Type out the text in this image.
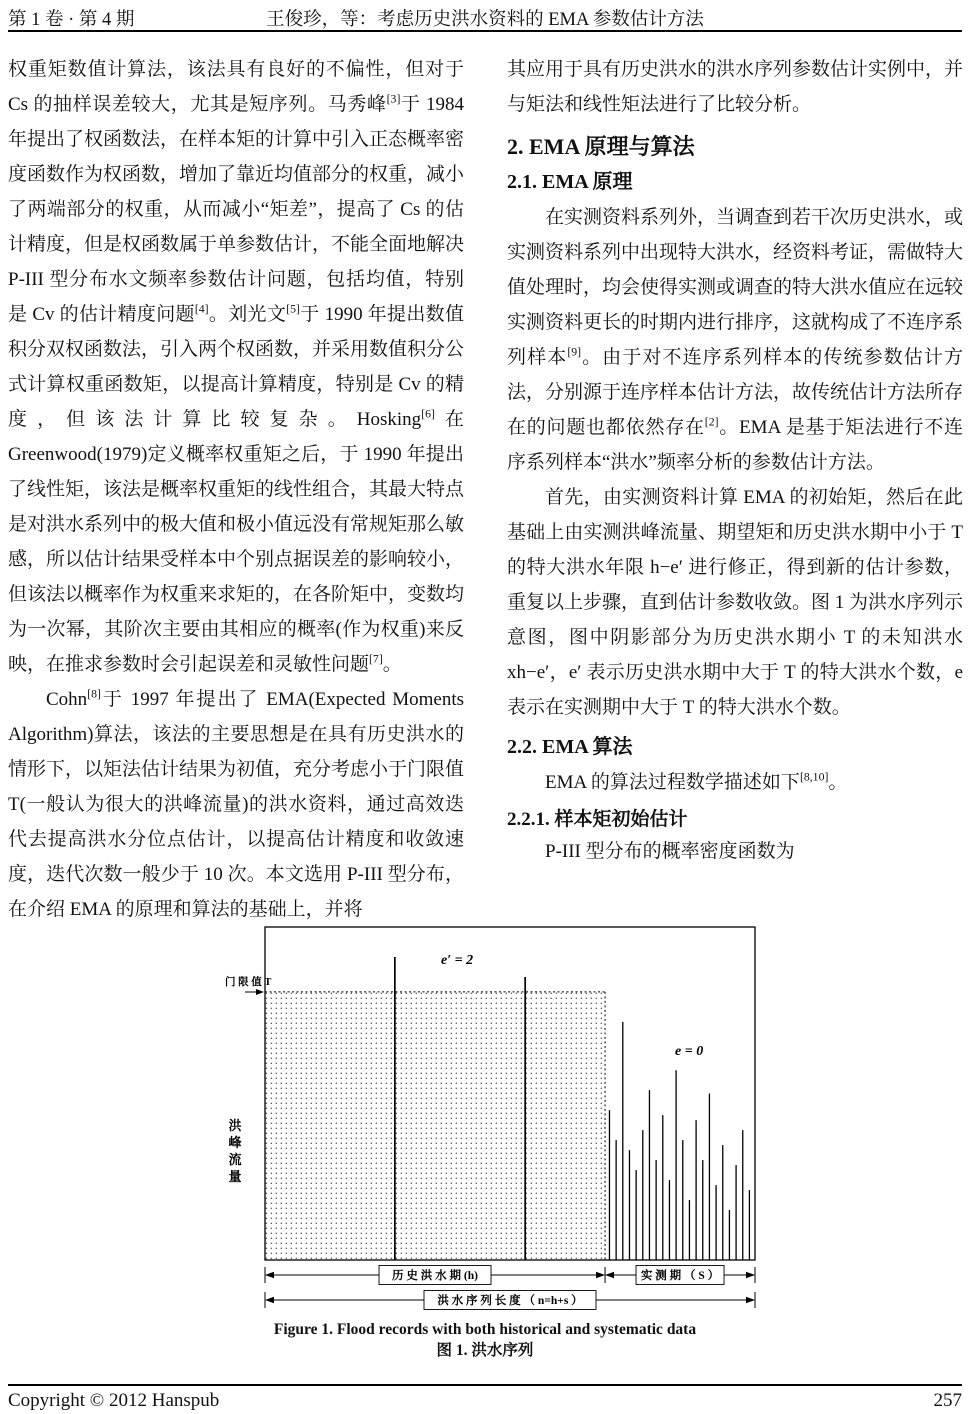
第 1 卷 · 第 4 期	王俊珍，等：考虑历史洪水资料的 EMA 参数估计方法

权重矩数值计算法，该法具有良好的不偏性，但对于 Cs 的抽样误差较大，尤其是短序列。马秀峰[3]于 1984 年提出了权函数法，在样本矩的计算中引入正态概率密度函数作为权函数，增加了靠近均值部分的权重，减小了两端部分的权重，从而减小“矩差”，提高了 Cs 的估计精度，但是权函数属于单参数估计，不能全面地解决 P-III 型分布水文频率参数估计问题，包括均值，特别是 Cv 的估计精度问题[4]。刘光文[5]于 1990 年提出数值积分双权函数法，引入两个权函数，并采用数值积分公式计算权重函数矩，以提高计算精度，特别是 Cv 的精度，但该法计算比较复杂。Hosking[6]在 Greenwood(1979)定义概率权重矩之后，于 1990 年提出了线性矩，该法是概率权重矩的线性组合，其最大特点是对洪水系列中的极大值和极小值远没有常规矩那么敏感，所以估计结果受样本中个别点据误差的影响较小，但该法以概率作为权重来求矩的，在各阶矩中，变数均为一次幂，其阶次主要由其相应的概率(作为权重)来反映，在推求参数时会引起误差和灵敏性问题[7]。

Cohn[8]于 1997 年提出了 EMA(Expected Moments Algorithm)算法，该法的主要思想是在具有历史洪水的情形下，以矩法估计结果为初值，充分考虑小于门限值 T(一般认为很大的洪峰流量)的洪水资料，通过高效迭代去提高洪水分位点估计，以提高估计精度和收敛速度，迭代次数一般少于 10 次。本文选用 P-III 型分布，在介绍 EMA 的原理和算法的基础上，并将

其应用于具有历史洪水的洪水序列参数估计实例中，并与矩法和线性矩法进行了比较分析。

2. EMA 原理与算法
2.1. EMA 原理

在实测资料系列外，当调查到若干次历史洪水，或实测资料系列中出现特大洪水，经资料考证，需做特大值处理时，均会使得实测或调查的特大洪水值应在远较实测资料更长的时期内进行排序，这就构成了不连序系列样本[9]。由于对不连序系列样本的传统参数估计方法，分别源于连序样本估计方法，故传统估计方法所存在的问题也都依然存在[2]。EMA 是基于矩法进行不连序系列样本“洪水”频率分析的参数估计方法。

首先，由实测资料计算 EMA 的初始矩，然后在此基础上由实测洪峰流量、期望矩和历史洪水期中小于 T 的特大洪水年限 h−e′ 进行修正，得到新的估计参数，重复以上步骤，直到估计参数收敛。图 1 为洪水序列示意图，图中阴影部分为历史洪水期小 T 的未知洪水 xh−e′，e′ 表示历史洪水期中大于 T 的特大洪水个数，e 表示在实测期中大于 T 的特大洪水个数。

2.2. EMA 算法

EMA 的算法过程数学描述如下[8,10]。

2.2.1. 样本矩初始估计

P-III 型分布的概率密度函数为

门 限 值 T
e′ = 2
e = 0
洪
峰
流
量
历 史 洪 水 期 (h)	实 测 期 （ S ）
洪 水 序 列 长 度 （ n=h+s ）
Figure 1. Flood records with both historical and systematic data
图 1. 洪水序列
Copyright © 2012 Hanspub	257
